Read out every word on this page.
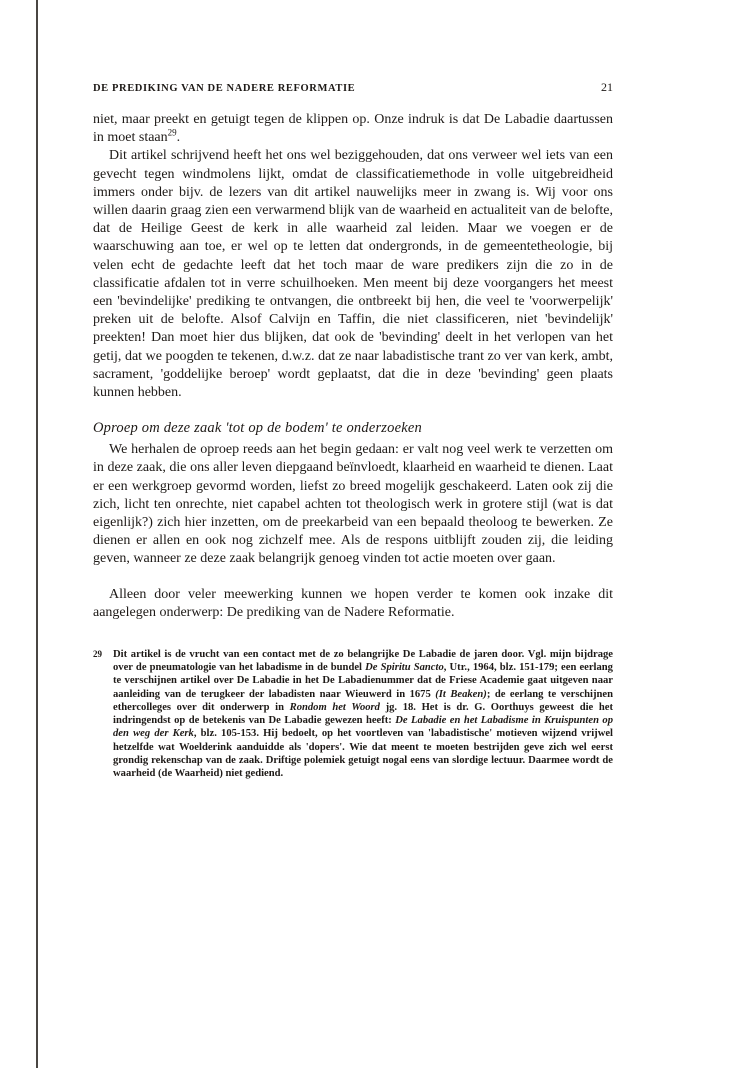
DE PREDIKING VAN DE NADERE REFORMATIE	21

niet, maar preekt en getuigt tegen de klippen op. Onze indruk is dat De Labadie daartussen in moet staan$^{29}$.

Dit artikel schrijvend heeft het ons wel beziggehouden, dat ons verweer wel iets van een gevecht tegen windmolens lijkt, omdat de classificatiemethode in volle uitgebreidheid immers onder bijv. de lezers van dit artikel nauwelijks meer in zwang is. Wij voor ons willen daarin graag zien een verwarmend blijk van de waarheid en actualiteit van de belofte, dat de Heilige Geest de kerk in alle waarheid zal leiden. Maar we voegen er de waarschuwing aan toe, er wel op te letten dat ondergronds, in de gemeentetheologie, bij velen echt de gedachte leeft dat het toch maar de ware predikers zijn die zo in de classificatie afdalen tot in verre schuilhoeken. Men meent bij deze voorgangers het meest een 'bevindelijke' prediking te ontvangen, die ontbreekt bij hen, die veel te 'voorwerpelijk' preken uit de belofte. Alsof Calvijn en Taffin, die niet classificeren, niet 'bevindelijk' preekten! Dan moet hier dus blijken, dat ook de 'bevinding' deelt in het verlopen van het getij, dat we poogden te tekenen, d.w.z. dat ze naar labadistische trant zo ver van kerk, ambt, sacrament, 'goddelijke beroep' wordt geplaatst, dat die in deze 'bevinding' geen plaats kunnen hebben.

Oproep om deze zaak 'tot op de bodem' te onderzoeken

We herhalen de oproep reeds aan het begin gedaan: er valt nog veel werk te verzetten om in deze zaak, die ons aller leven diepgaand beïnvloedt, klaarheid en waarheid te dienen. Laat er een werkgroep gevormd worden, liefst zo breed mogelijk geschakeerd. Laten ook zij die zich, licht ten onrechte, niet capabel achten tot theologisch werk in grotere stijl (wat is dat eigenlijk?) zich hier inzetten, om de preekarbeid van een bepaald theoloog te bewerken. Ze dienen er allen en ook nog zichzelf mee. Als de respons uitblijft zouden zij, die leiding geven, wanneer ze deze zaak belangrijk genoeg vinden tot actie moeten over gaan.

Alleen door veler meewerking kunnen we hopen verder te komen ook inzake dit aangelegen onderwerp: De prediking van de Nadere Reformatie.

29 Dit artikel is de vrucht van een contact met de zo belangrijke De Labadie de jaren door. Vgl. mijn bijdrage over de pneumatologie van het labadisme in de bundel De Spiritu Sancto, Utr., 1964, blz. 151-179; een eerlang te verschijnen artikel over De Labadie in het De Labadienummer dat de Friese Academie gaat uitgeven naar aanleiding van de terugkeer der labadisten naar Wieuwerd in 1675 (It Beaken); de eerlang te verschijnen ethercolleges over dit onderwerp in Rondom het Woord jg. 18. Het is dr. G. Oorthuys geweest die het indringendst op de betekenis van De Labadie gewezen heeft: De Labadie en het Labadisme in Kruispunten op den weg der Kerk, blz. 105-153. Hij bedoelt, op het voortleven van 'labadistische' motieven wijzend vrijwel hetzelfde wat Woelderink aanduidde als 'dopers'. Wie dat meent te moeten bestrijden geve zich wel eerst grondig rekenschap van de zaak. Driftige polemiek getuigt nogal eens van slordige lectuur. Daarmee wordt de waarheid (de Waarheid) niet gediend.
